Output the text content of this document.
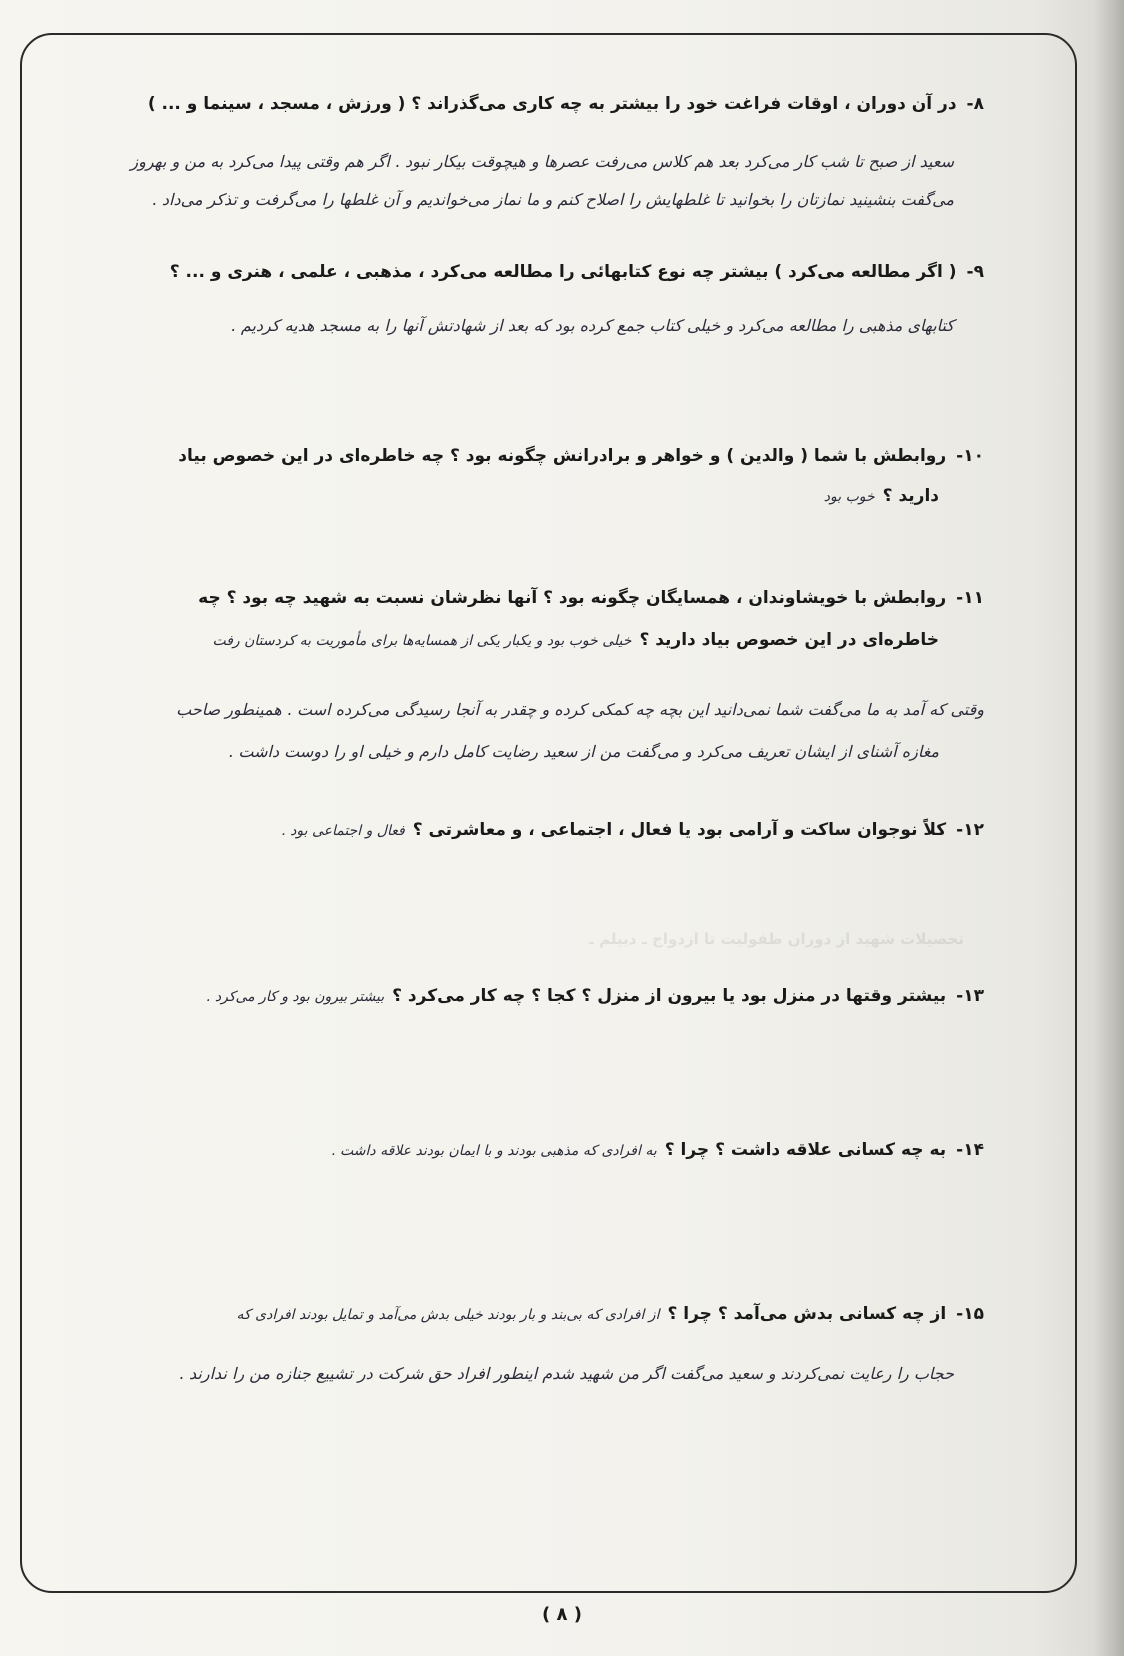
۸-در آن دوران ، اوقات فراغت خود را بیشتر به چه کاری می‌گذراند ؟ ( ورزش ، مسجد ، سینما و ... )
سعید از صبح تا شب کار می‌کرد بعد هم کلاس می‌رفت عصرها و هیچوقت بیکار نبود . اگر هم وقتی پیدا می‌کرد به من و بهروز
می‌گفت بنشینید نمازتان را بخوانید تا غلطهایش را اصلاح کنم و ما نماز می‌خواندیم و آن غلطها را می‌گرفت و تذکر می‌داد .
۹-( اگر مطالعه می‌کرد ) بیشتر چه نوع کتابهائی را مطالعه می‌کرد ، مذهبی ، علمی ، هنری و ... ؟
کتابهای مذهبی را مطالعه می‌کرد و خیلی کتاب جمع کرده بود که بعد از شهادتش آنها را به مسجد هدیه کردیم .
۱۰-روابطش با شما ( والدین ) و خواهر و برادرانش چگونه بود ؟ چه خاطره‌ای در این خصوص بیاد
دارید ؟خوب بود
۱۱-روابطش با خویشاوندان ، همسایگان چگونه بود ؟ آنها نظرشان نسبت به شهید چه بود ؟ چه
خاطره‌ای در این خصوص بیاد دارید ؟خیلی خوب بود و یکبار یکی از همسایه‌ها برای مأموریت به کردستان رفت
وقتی که آمد به ما می‌گفت شما نمی‌دانید این بچه چه کمکی کرده و چقدر به آنجا رسیدگی می‌کرده است . همینطور صاحب
مغازه آشنای از ایشان تعریف می‌کرد و می‌گفت من از سعید رضایت کامل دارم و خیلی او را دوست داشت .
۱۲-کلاً نوجوان ساکت و آرامی بود یا فعال ، اجتماعی ، و معاشرتی ؟فعال و اجتماعی بود .
تحصیلات شهید از دوران طفولیت تا ازدواج ـ دیپلم ـ
۱۳-بیشتر وقتها در منزل بود یا بیرون از منزل ؟ کجا ؟ چه کار می‌کرد ؟بیشتر بیرون بود و کار می‌کرد .
۱۴-به چه کسانی علاقه داشت ؟ چرا ؟به افرادی که مذهبی بودند و با ایمان بودند علاقه داشت .
۱۵-از چه کسانی بدش می‌آمد ؟ چرا ؟از افرادی که بی‌بند و بار بودند خیلی بدش می‌آمد و تمایل بودند افرادی که
حجاب را رعایت نمی‌کردند و سعید می‌گفت اگر من شهید شدم اینطور افراد حق شرکت در تشییع جنازه من را ندارند .
( ۸ )
